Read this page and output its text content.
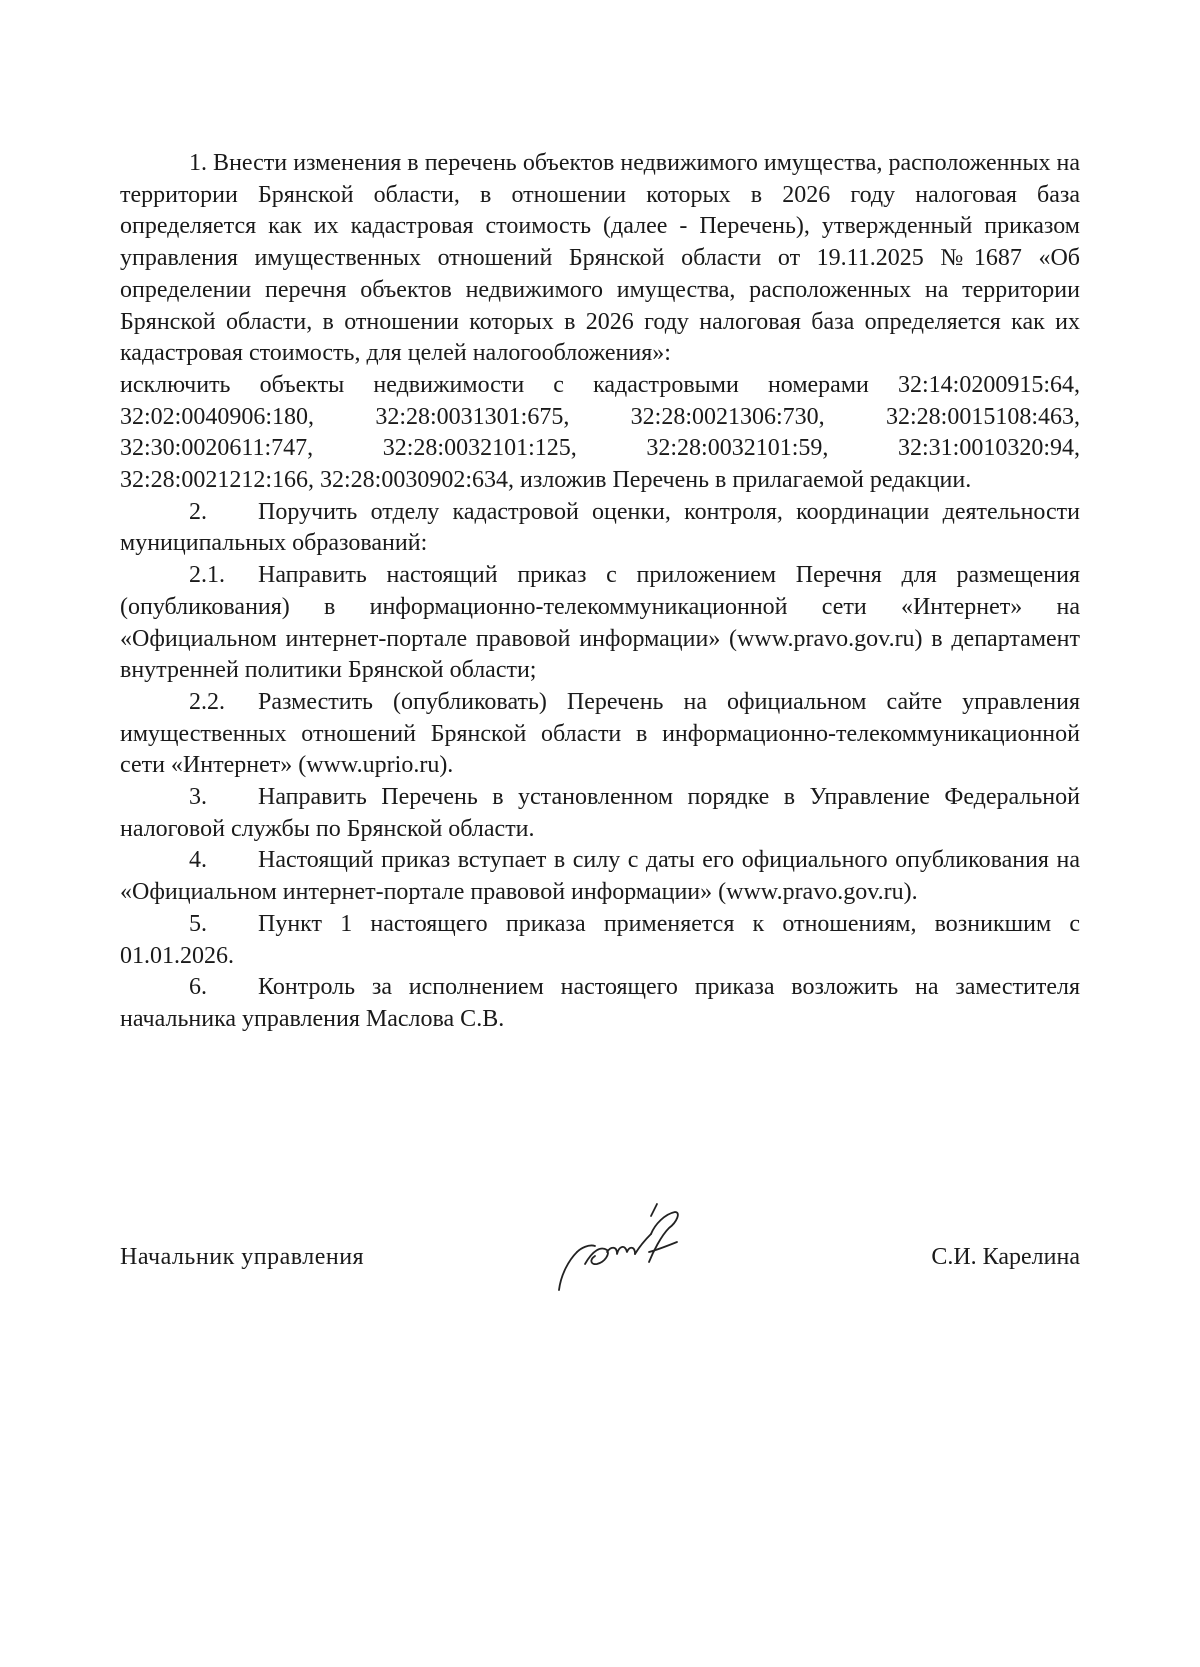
1. Внести изменения в перечень объектов недвижимого имущества, расположенных на территории Брянской области, в отношении которых в 2026 году налоговая база определяется как их кадастровая стоимость (далее - Перечень), утвержденный приказом управления имущественных отношений Брянской области от 19.11.2025 №1687 «Об определении перечня объектов недвижимого имущества, расположенных на территории Брянской области, в отношении которых в 2026 году налоговая база определяется как их кадастровая стоимость, для целей налогообложения»:

исключить объекты недвижимости с кадастровыми номерами 32:14:0200915:64, 32:02:0040906:180, 32:28:0031301:675, 32:28:0021306:730, 32:28:0015108:463, 32:30:0020611:747, 32:28:0032101:125, 32:28:0032101:59, 32:31:0010320:94, 32:28:0021212:166, 32:28:0030902:634, изложив Перечень в прилагаемой редакции.

2. Поручить отделу кадастровой оценки, контроля, координации деятельности муниципальных образований:

2.1. Направить настоящий приказ с приложением Перечня для размещения (опубликования) в информационно-телекоммуникационной сети «Интернет» на «Официальном интернет-портале правовой информации» (www.pravo.gov.ru) в департамент внутренней политики Брянской области;

2.2. Разместить (опубликовать) Перечень на официальном сайте управления имущественных отношений Брянской области в информационно-телекоммуникационной сети «Интернет» (www.uprio.ru).

3. Направить Перечень в установленном порядке в Управление Федеральной налоговой службы по Брянской области.

4. Настоящий приказ вступает в силу с даты его официального опубликования на «Официальном интернет-портале правовой информации» (www.pravo.gov.ru).

5. Пункт 1 настоящего приказа применяется к отношениям, возникшим с 01.01.2026.

6. Контроль за исполнением настоящего приказа возложить на заместителя начальника управления Маслова С.В.

Начальник управления	С.И. Карелина
